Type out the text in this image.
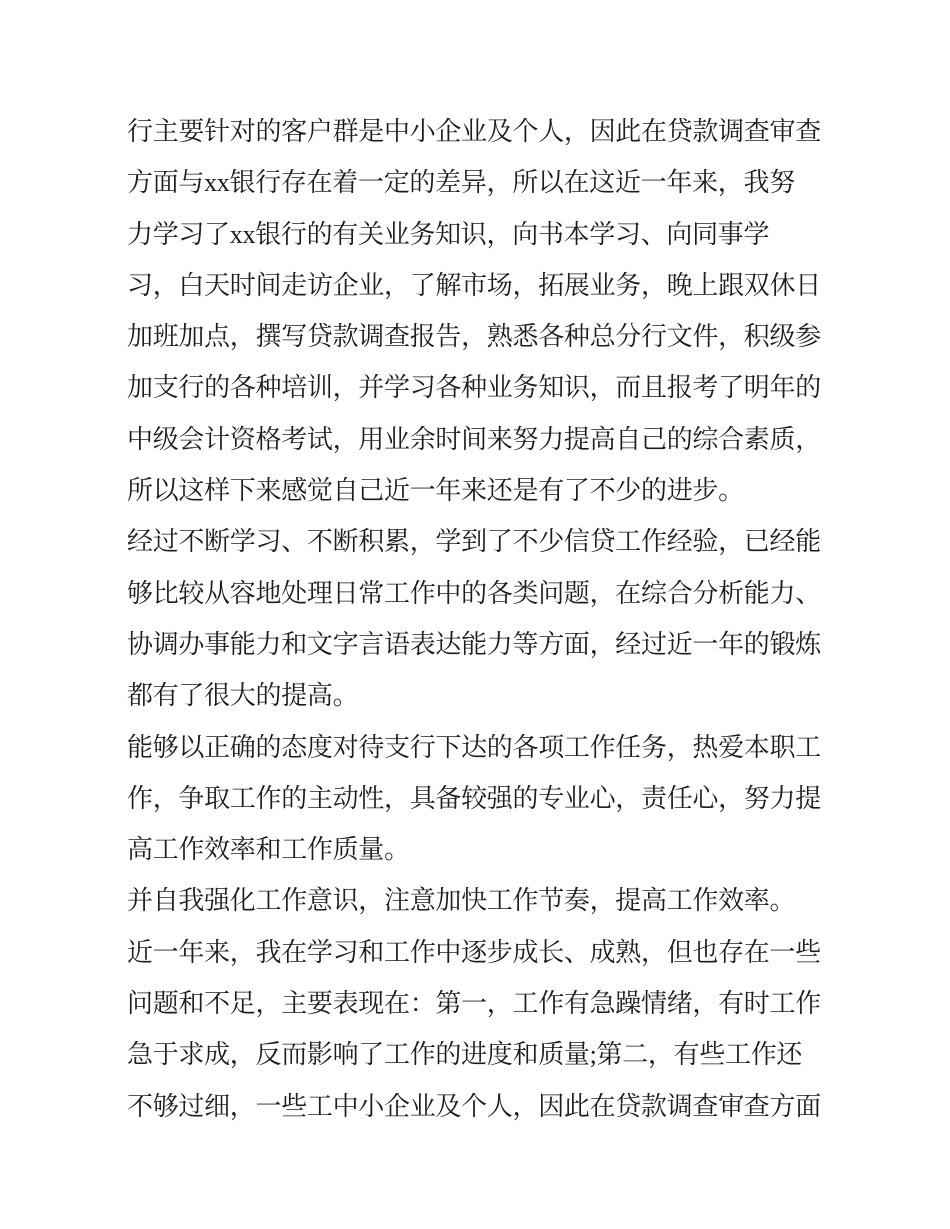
行主要针对的客户群是中小企业及个人，因此在贷款调查审查
方面与xx银行存在着一定的差异，所以在这近一年来，我努
力学习了xx银行的有关业务知识，向书本学习、向同事学
习，白天时间走访企业，了解市场，拓展业务，晚上跟双休日
加班加点，撰写贷款调查报告，熟悉各种总分行文件，积级参
加支行的各种培训，并学习各种业务知识，而且报考了明年的
中级会计资格考试，用业余时间来努力提高自己的综合素质，
所以这样下来感觉自己近一年来还是有了不少的进步。
经过不断学习、不断积累，学到了不少信贷工作经验，已经能
够比较从容地处理日常工作中的各类问题，在综合分析能力、
协调办事能力和文字言语表达能力等方面，经过近一年的锻炼
都有了很大的提高。
能够以正确的态度对待支行下达的各项工作任务，热爱本职工
作，争取工作的主动性，具备较强的专业心，责任心，努力提
高工作效率和工作质量。
并自我强化工作意识，注意加快工作节奏，提高工作效率。
近一年来，我在学习和工作中逐步成长、成熟，但也存在一些
问题和不足，主要表现在：第一，工作有急躁情绪，有时工作
急于求成，反而影响了工作的进度和质量;第二，有些工作还
不够过细，一些工中小企业及个人，因此在贷款调查审查方面
